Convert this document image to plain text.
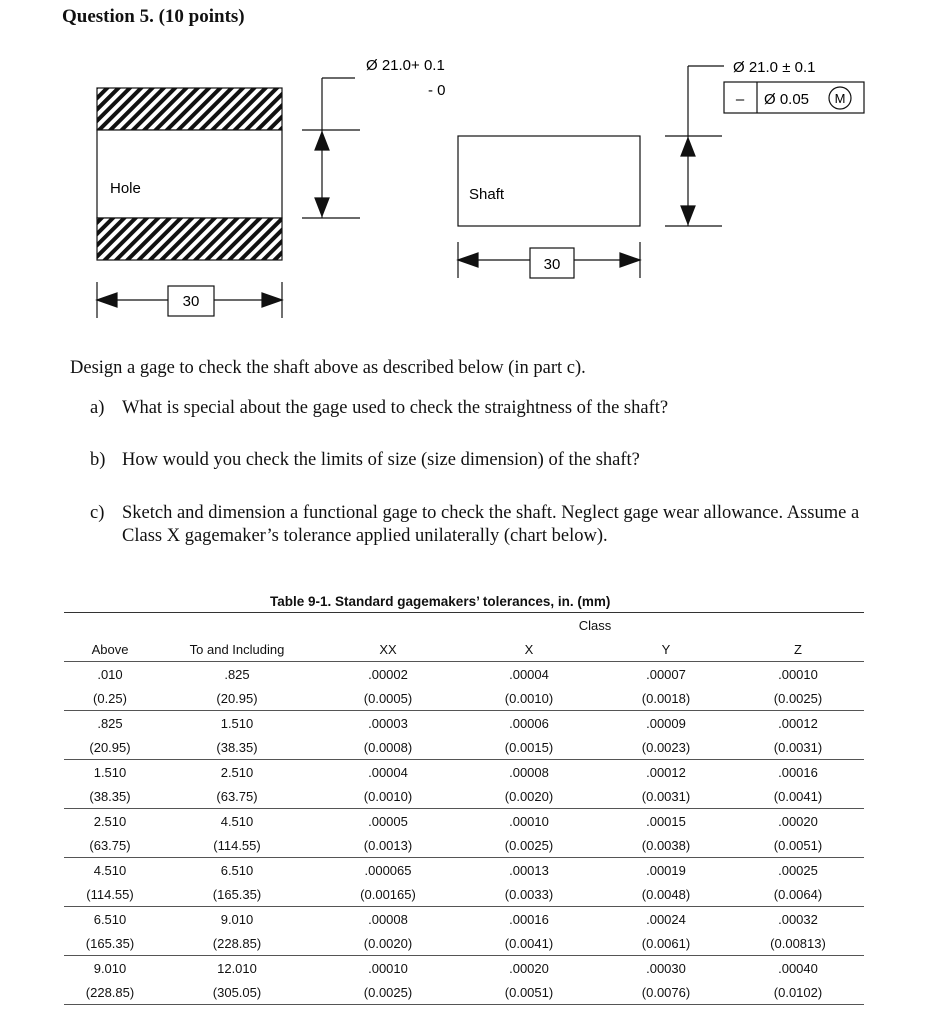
Question 5. (10 points)
Hole
30
Ø 21.0+ 0.1
- 0
Shaft
30
Ø 21.0 ± 0.1
– Ø 0.05 M
Design a gage to check the shaft above as described below (in part c).
a) What is special about the gage used to check the straightness of the shaft?
b) How would you check the limits of size (size dimension) of the shaft?
c) Sketch and dimension a functional gage to check the shaft. Neglect gage wear allowance. Assume a Class X gagemaker’s tolerance applied unilaterally (chart below).
Table 9-1. Standard gagemakers’ tolerances, in. (mm)
			Class		
Above	To and Including	XX	X	Y	Z
.010	.825	.00002	.00004	.00007	.00010
(0.25)	(20.95)	(0.0005)	(0.0010)	(0.0018)	(0.0025)
.825	1.510	.00003	.00006	.00009	.00012
(20.95)	(38.35)	(0.0008)	(0.0015)	(0.0023)	(0.0031)
1.510	2.510	.00004	.00008	.00012	.00016
(38.35)	(63.75)	(0.0010)	(0.0020)	(0.0031)	(0.0041)
2.510	4.510	.00005	.00010	.00015	.00020
(63.75)	(114.55)	(0.0013)	(0.0025)	(0.0038)	(0.0051)
4.510	6.510	.000065	.00013	.00019	.00025
(114.55)	(165.35)	(0.00165)	(0.0033)	(0.0048)	(0.0064)
6.510	9.010	.00008	.00016	.00024	.00032
(165.35)	(228.85)	(0.0020)	(0.0041)	(0.0061)	(0.00813)
9.010	12.010	.00010	.00020	.00030	.00040
(228.85)	(305.05)	(0.0025)	(0.0051)	(0.0076)	(0.0102)
